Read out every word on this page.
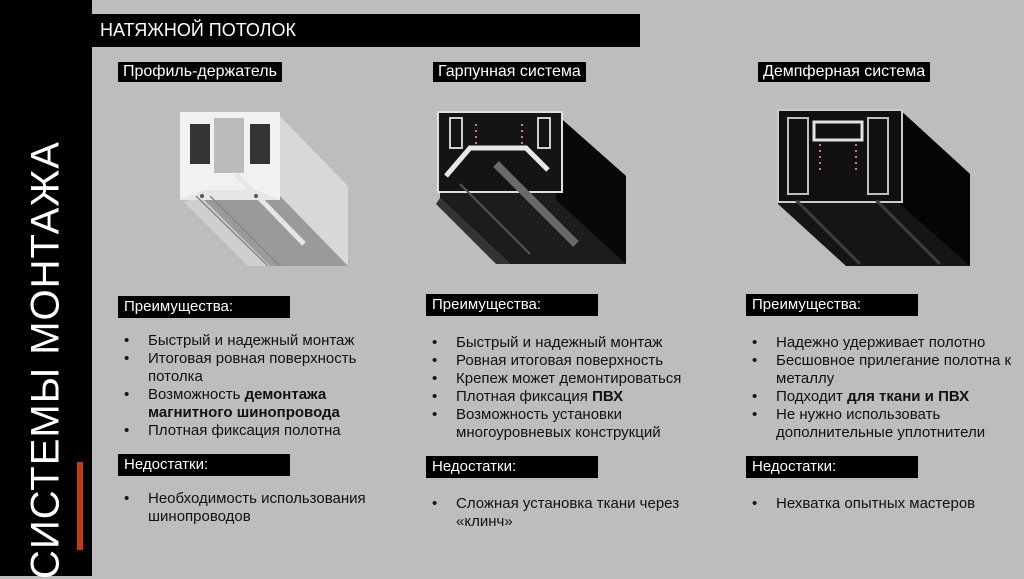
СИСТЕМЫ МОНТАЖА
НАТЯЖНОЙ ПОТОЛОК
Профиль-держатель	Гарпунная система	Демпферная система
Преимущества:
• Быстрый и надежный монтаж
• Итоговая ровная поверхность потолка
• Возможность демонтажа магнитного шинопровода
• Плотная фиксация полотна
Недостатки:
• Необходимость использования шинопроводов
Преимущества:
• Быстрый и надежный монтаж
• Ровная итоговая поверхность
• Крепеж может демонтироваться
• Плотная фиксация ПВХ
• Возможность установки многоуровневых конструкций
Недостатки:
• Сложная установка ткани через «клинч»
Преимущества:
• Надежно удерживает полотно
• Бесшовное прилегание полотна к металлу
• Подходит для ткани и ПВХ
• Не нужно использовать дополнительные уплотнители
Недостатки:
• Нехватка опытных мастеров
